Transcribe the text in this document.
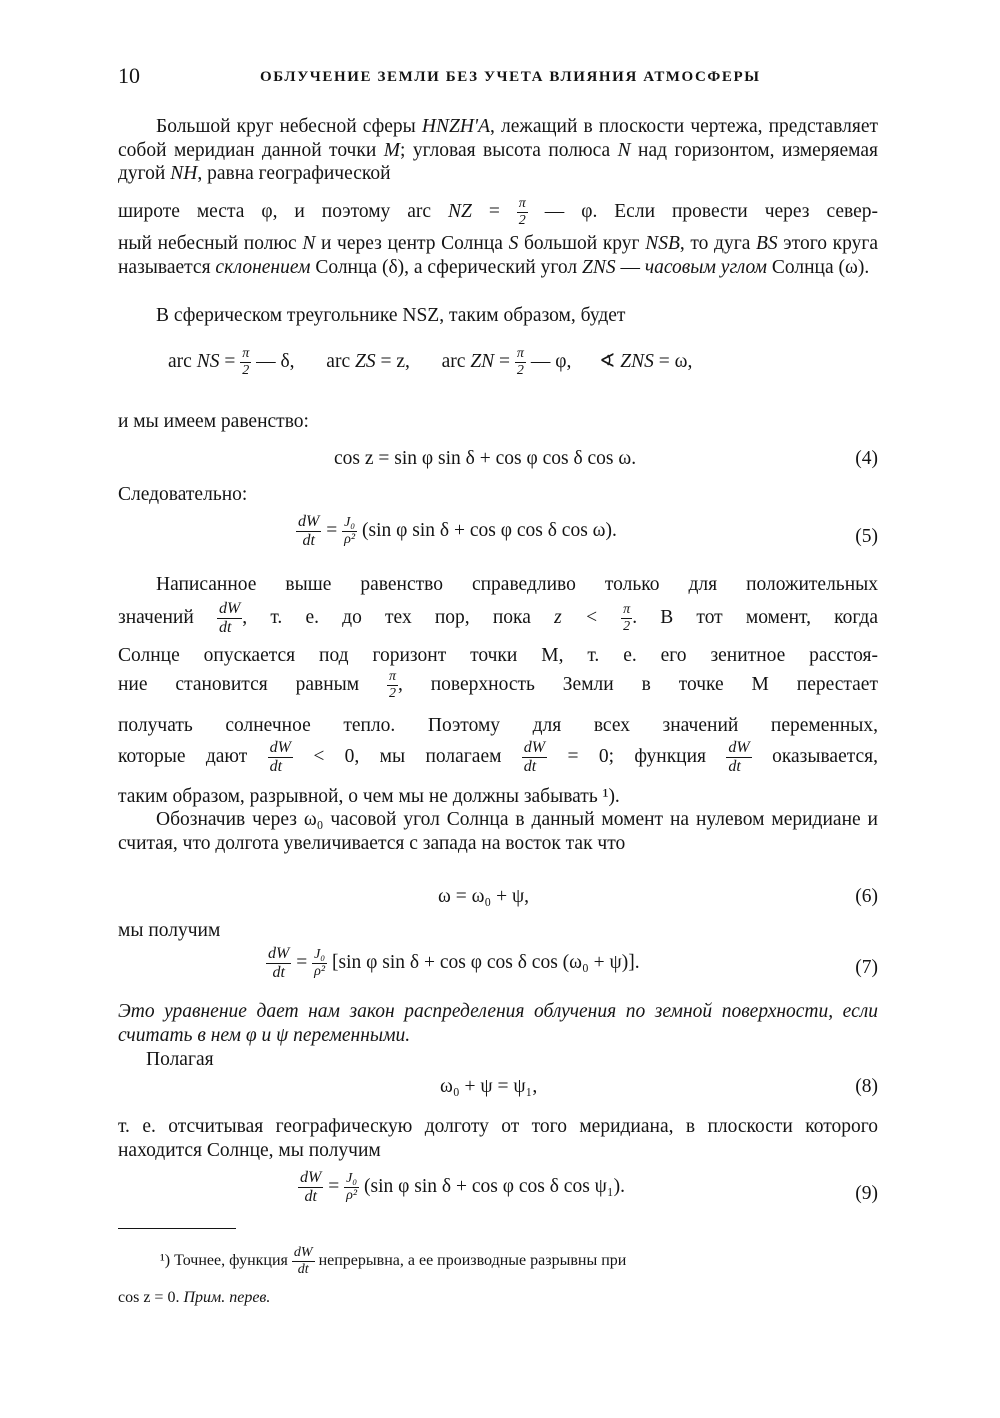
10	ОБЛУЧЕНИЕ ЗЕМЛИ БЕЗ УЧЕТА ВЛИЯНИЯ АТМОСФЕРЫ

Большой круг небесной сферы HNZH'A, лежащий в плоскости чертежа, представляет собой меридиан данной точки M; угловая высота полюса N над горизонтом, измеряемая дугой NH, равна географической

широте места φ, и поэтому arc NZ = $\frac{\pi}{2}$ — φ. Если провести через север-

ный небесный полюс N и через центр Солнца S большой круг NSB, то дуга BS этого круга называется склонением Солнца (δ), а сферический угол ZNS — часовым углом Солнца (ω).

В сферическом треугольнике NSZ, таким образом, будет

arc NS = $\frac{\pi}{2}$ — δ, arc ZS = z, arc ZN = $\frac{\pi}{2}$ — φ, ∢ ZNS = ω,
и мы имеем равенство:
cos z = sin φ sin δ + cos φ cos δ cos ω.	(4)
Следовательно:
$\frac{dW}{dt} = \frac{\text{J₀}}{\text{ρ²}} (\sin$ φ sin δ + cos φ cos δ cos ω).	(5)
Написанное выше равенство справедливо только для положительных
значений $\frac{dW}{dt}$ , т. е. до тех пор, пока $z < \frac{\pi}{2}$ . В тот момент, когда
Солнце опускается под горизонт точки M, т. е. его зенитное расстоя-
ние становится равным $\frac{\pi}{2}$ , поверхность Земли в точке M перестает
получать солнечное тепло. Поэтому для всех значений переменных,
которые дают $\frac{dW}{dt} < 0$, мы полагаем $\frac{dW}{dt} = 0$; функция $\frac{dW}{dt}$ оказывается,
таким образом, разрывной, о чем мы не должны забывать ¹).

Обозначив через ω₀ часовой угол Солнца в данный момент на нулевом меридиане и считая, что долгота увеличивается с запада на восток так что

ω = ω₀ + ψ,	(6)
мы получим
$\frac{dW}{dt} = \frac{\text{J₀}}{\text{ρ²}} [\sin$ φ sin δ + cos φ cos δ cos (ω₀ + ψ)].	(7)

Это уравнение дает нам закон распределения облучения по земной поверхности, если считать в нем φ и ψ переменными.

Полагая
ω₀ + ψ = ψ₁,	(8)

т. е. отсчитывая географическую долготу от того меридиана, в плоскости которого находится Солнце, мы получим

$\frac{dW}{dt} = \frac{\text{J₀}}{\text{ρ²}} (\sin$ φ sin δ + cos φ cos δ cos ψ₁).	(9)
¹) Точнее, функция $\frac{dW}{dt}$ непрерывна, а ее производные разрывны при
cos z = 0. Прим. перев.
